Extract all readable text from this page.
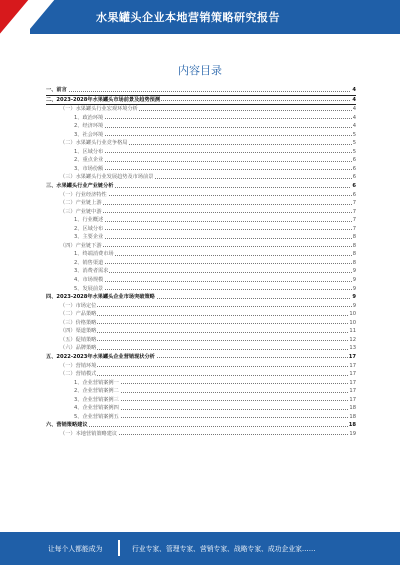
水果罐头企业本地营销策略研究报告
内容目录
一、前言	4
二、2023-2028年水果罐头市场前景及趋势预测	4
（一）水果罐头行业宏观环境分析	4
1、政治环境	4
2、经济环境	4
3、社会环境	5
（二）水果罐头行业竞争格局	5
1、区域分布	5
2、重点企业	6
3、市场份额	6
（三）水果罐头行业发展趋势及市场前景	6
三、水果罐头行业产业链分析	6
（一）行业经济特性	6
（二）产业链上游	7
（三）产业链中游	7
1、行业概述	7
2、区域分布	7
3、主要企业	8
（四）产业链下游	8
1、终端消费市场	8
2、销售渠道	8
3、消费者需求	9
4、市场规模	9
5、发展前景	9
四、2023-2028年水果罐头企业市场突破策略	9
（一）市场定位	9
（二）产品策略	10
（三）价格策略	10
（四）渠道策略	11
（五）促销策略	12
（六）品牌策略	13
五、2022-2023年水果罐头企业营销现状分析	17
（一）营销环境	17
（二）营销模式	17
1、企业营销案例一	17
2、企业营销案例二	17
3、企业营销案例三	17
4、企业营销案例四	18
5、企业营销案例五	18
六、营销策略建议	18
（一）本地营销策略建议	19
让每个人都能成为	行业专家、管理专家、营销专家、战略专家、成功企业家……
